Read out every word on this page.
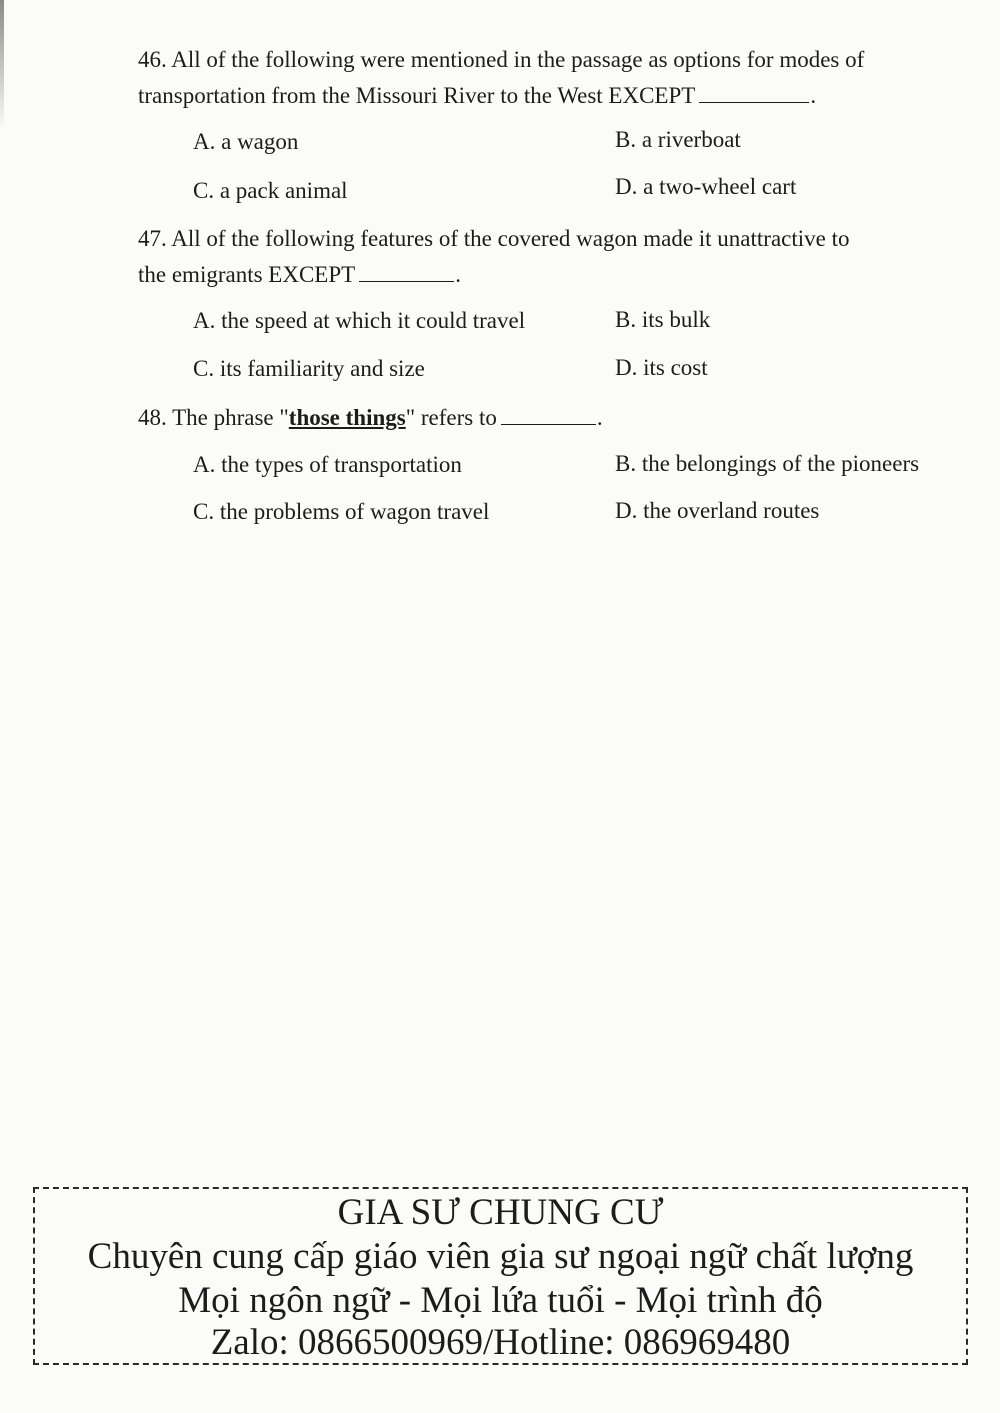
46. All of the following were mentioned in the passage as options for modes of
transportation from the Missouri River to the West EXCEPT	.
A. a wagon	B. a riverboat
C. a pack animal	D. a two-wheel cart
47. All of the following features of the covered wagon made it unattractive to
the emigrants EXCEPT	.
A. the speed at which it could travel	B. its bulk
C. its familiarity and size	D. its cost
48. The phrase "those things" refers to	.
A. the types of transportation	B. the belongings of the pioneers
C. the problems of wagon travel	D. the overland routes
GIA SƯ CHUNG CƯ
Chuyên cung cấp giáo viên gia sư ngoại ngữ chất lượng
Mọi ngôn ngữ - Mọi lứa tuổi - Mọi trình độ
Zalo: 0866500969/Hotline: 086969480
